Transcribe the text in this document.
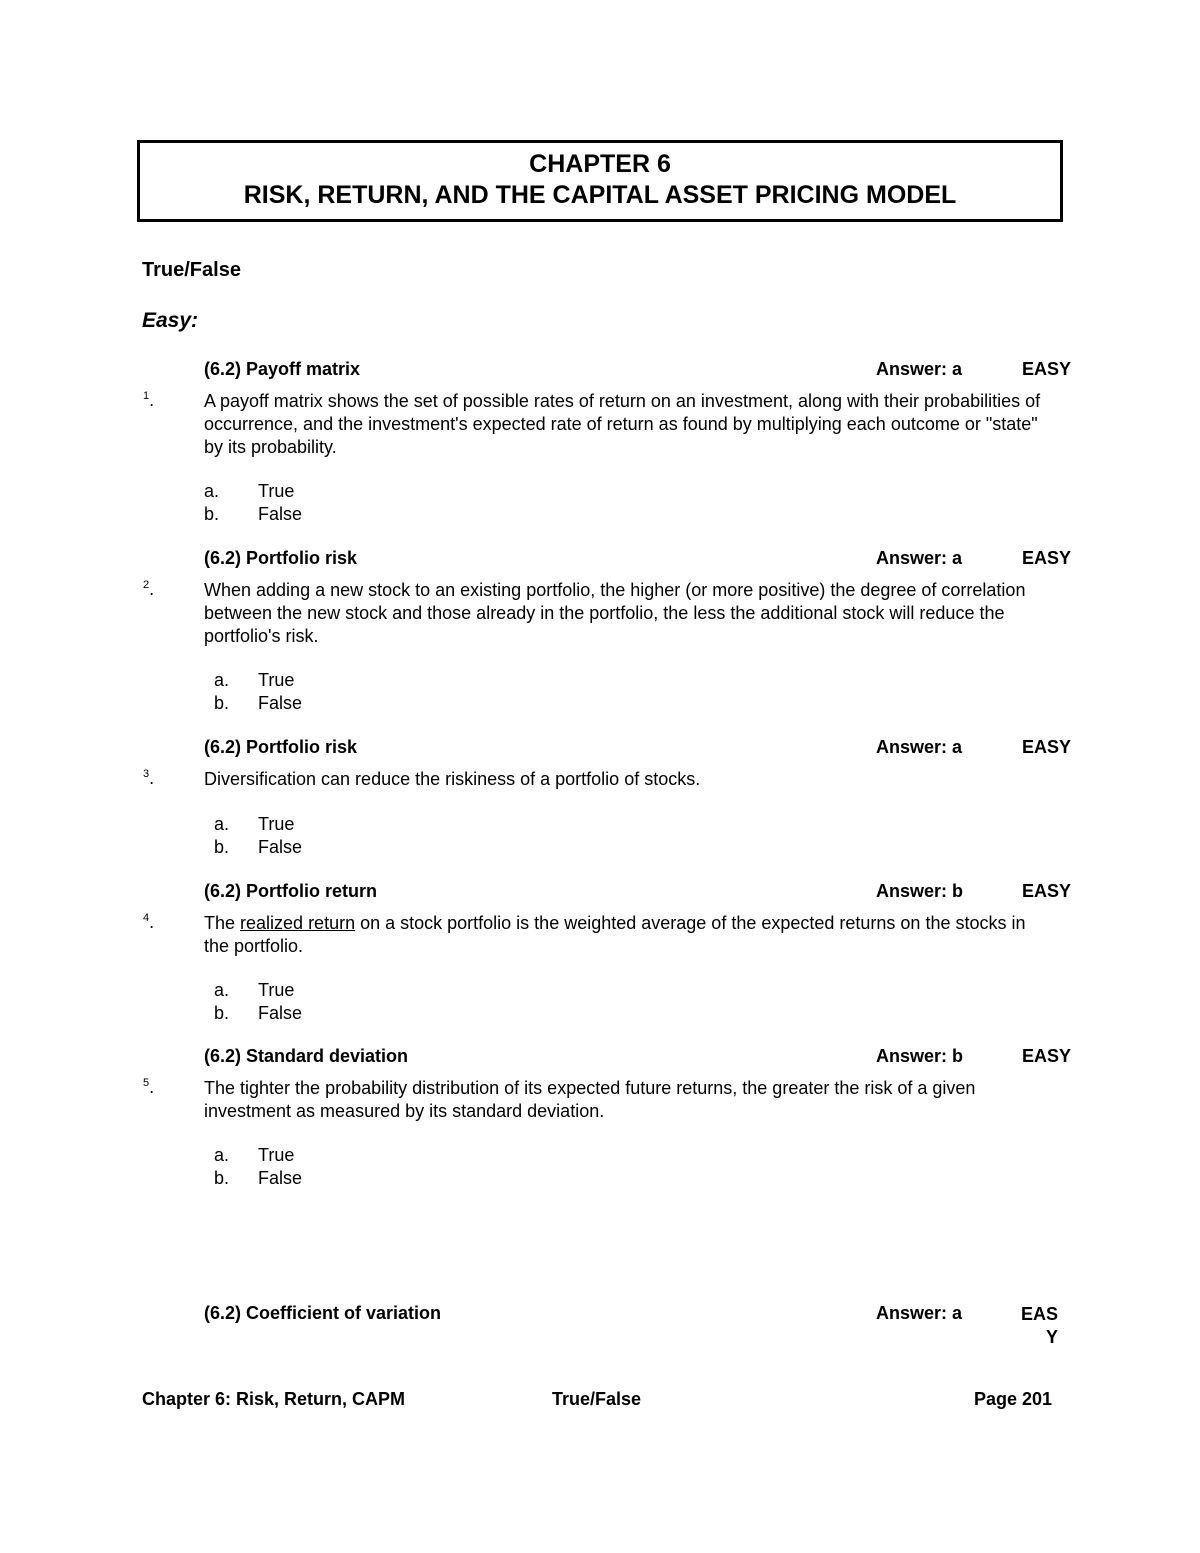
CHAPTER 6
RISK, RETURN, AND THE CAPITAL ASSET PRICING MODEL
True/False
Easy:
(6.2) Payoff matrix	Answer: a	EASY
$^1$.	A payoff matrix shows the set of possible rates of return on an investment, along with their probabilities of occurrence, and the investment's expected rate of return as found by multiplying each outcome or "state" by its probability.
a. True
b. False
(6.2) Portfolio risk	Answer: a	EASY
$^2$.	When adding a new stock to an existing portfolio, the higher (or more positive) the degree of correlation between the new stock and those already in the portfolio, the less the additional stock will reduce the portfolio's risk.
a. True
b. False
(6.2) Portfolio risk	Answer: a	EASY
$^3$.	Diversification can reduce the riskiness of a portfolio of stocks.
a. True
b. False
(6.2) Portfolio return	Answer: b	EASY
$^4$.	The realized return on a stock portfolio is the weighted average of the expected returns on the stocks in the portfolio.
a. True
b. False
(6.2) Standard deviation	Answer: b	EASY
$^5$.	The tighter the probability distribution of its expected future returns, the greater the risk of a given investment as measured by its standard deviation.
a. True
b. False
(6.2) Coefficient of variation	Answer: a	EASY
Chapter 6: Risk, Return, CAPM	True/False	Page 201
